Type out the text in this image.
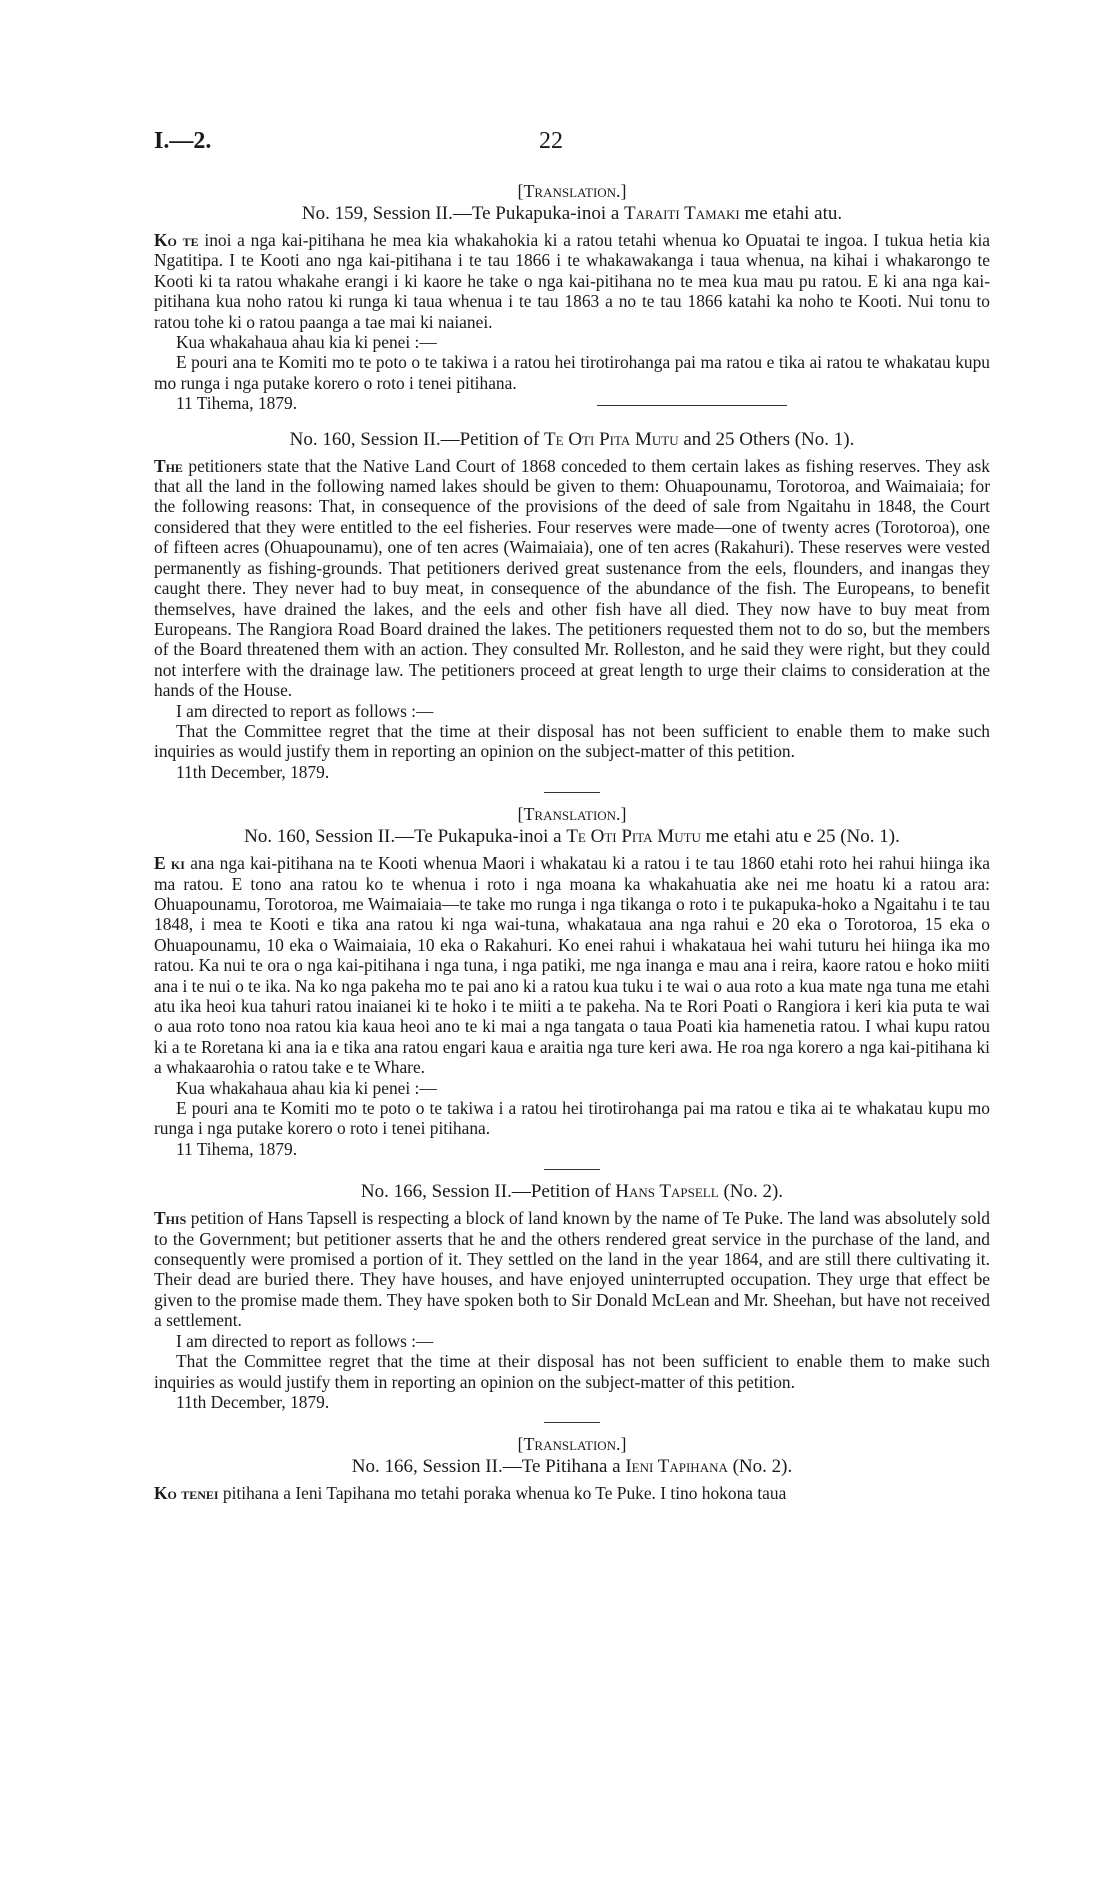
I.—2.	22
[Translation.]
No. 159, Session II.—Te Pukapuka-inoi a Taraiti Tamaki me etahi atu.

Ko te inoi a nga kai-pitihana he mea kia whakahokia ki a ratou tetahi whenua ko Opuatai te ingoa. I tukua hetia kia Ngatitipa. I te Kooti ano nga kai-pitihana i te tau 1866 i te whakawakanga i taua whenua, na kihai i whakarongo te Kooti ki ta ratou whakahe erangi i ki kaore he take o nga kai-pitihana no te mea kua mau pu ratou. E ki ana nga kai-pitihana kua noho ratou ki runga ki taua whenua i te tau 1863 a no te tau 1866 katahi ka noho te Kooti. Nui tonu to ratou tohe ki o ratou paanga a tae mai ki naianei.

Kua whakahaua ahau kia ki penei :—

E pouri ana te Komiti mo te poto o te takiwa i a ratou hei tirotirohanga pai ma ratou e tika ai ratou te whakatau kupu mo runga i nga putake korero o roto i tenei pitihana.

11 Tihema, 1879.
No. 160, Session II.—Petition of Te Oti Pita Mutu and 25 Others (No. 1).

The petitioners state that the Native Land Court of 1868 conceded to them certain lakes as fishing reserves. They ask that all the land in the following named lakes should be given to them: Ohuapounamu, Torotoroa, and Waimaiaia; for the following reasons: That, in consequence of the provisions of the deed of sale from Ngaitahu in 1848, the Court considered that they were entitled to the eel fisheries. Four reserves were made—one of twenty acres (Torotoroa), one of fifteen acres (Ohuapounamu), one of ten acres (Waimaiaia), one of ten acres (Rakahuri). These reserves were vested permanently as fishing-grounds. That petitioners derived great sustenance from the eels, flounders, and inangas they caught there. They never had to buy meat, in consequence of the abundance of the fish. The Europeans, to benefit themselves, have drained the lakes, and the eels and other fish have all died. They now have to buy meat from Europeans. The Rangiora Road Board drained the lakes. The petitioners requested them not to do so, but the members of the Board threatened them with an action. They consulted Mr. Rolleston, and he said they were right, but they could not interfere with the drainage law. The petitioners proceed at great length to urge their claims to consideration at the hands of the House.

I am directed to report as follows :—

That the Committee regret that the time at their disposal has not been sufficient to enable them to make such inquiries as would justify them in reporting an opinion on the subject-matter of this petition.

11th December, 1879.
[Translation.]
No. 160, Session II.—Te Pukapuka-inoi a Te Oti Pita Mutu me etahi atu e 25 (No. 1).

E ki ana nga kai-pitihana na te Kooti whenua Maori i whakatau ki a ratou i te tau 1860 etahi roto hei rahui hiinga ika ma ratou. E tono ana ratou ko te whenua i roto i nga moana ka whakahuatia ake nei me hoatu ki a ratou ara: Ohuapounamu, Torotoroa, me Waimaiaia—te take mo runga i nga tikanga o roto i te pukapuka-hoko a Ngaitahu i te tau 1848, i mea te Kooti e tika ana ratou ki nga wai-tuna, whakataua ana nga rahui e 20 eka o Torotoroa, 15 eka o Ohuapounamu, 10 eka o Waimaiaia, 10 eka o Rakahuri. Ko enei rahui i whakataua hei wahi tuturu hei hiinga ika mo ratou. Ka nui te ora o nga kai-pitihana i nga tuna, i nga patiki, me nga inanga e mau ana i reira, kaore ratou e hoko miiti ana i te nui o te ika. Na ko nga pakeha mo te pai ano ki a ratou kua tuku i te wai o aua roto a kua mate nga tuna me etahi atu ika heoi kua tahuri ratou inaianei ki te hoko i te miiti a te pakeha. Na te Rori Poati o Rangiora i keri kia puta te wai o aua roto tono noa ratou kia kaua heoi ano te ki mai a nga tangata o taua Poati kia hamenetia ratou. I whai kupu ratou ki a te Roretana ki ana ia e tika ana ratou engari kaua e araitia nga ture keri awa. He roa nga korero a nga kai-pitihana ki a whakaarohia o ratou take e te Whare.

Kua whakahaua ahau kia ki penei :—

E pouri ana te Komiti mo te poto o te takiwa i a ratou hei tirotirohanga pai ma ratou e tika ai te whakatau kupu mo runga i nga putake korero o roto i tenei pitihana.

11 Tihema, 1879.
No. 166, Session II.—Petition of Hans Tapsell (No. 2).

This petition of Hans Tapsell is respecting a block of land known by the name of Te Puke. The land was absolutely sold to the Government; but petitioner asserts that he and the others rendered great service in the purchase of the land, and consequently were promised a portion of it. They settled on the land in the year 1864, and are still there cultivating it. Their dead are buried there. They have houses, and have enjoyed uninterrupted occupation. They urge that effect be given to the promise made them. They have spoken both to Sir Donald McLean and Mr. Sheehan, but have not received a settlement.

I am directed to report as follows :—

That the Committee regret that the time at their disposal has not been sufficient to enable them to make such inquiries as would justify them in reporting an opinion on the subject-matter of this petition.

11th December, 1879.
[Translation.]
No. 166, Session II.—Te Pitihana a Ieni Tapihana (No. 2).

Ko tenei pitihana a Ieni Tapihana mo tetahi poraka whenua ko Te Puke. I tino hokona taua
